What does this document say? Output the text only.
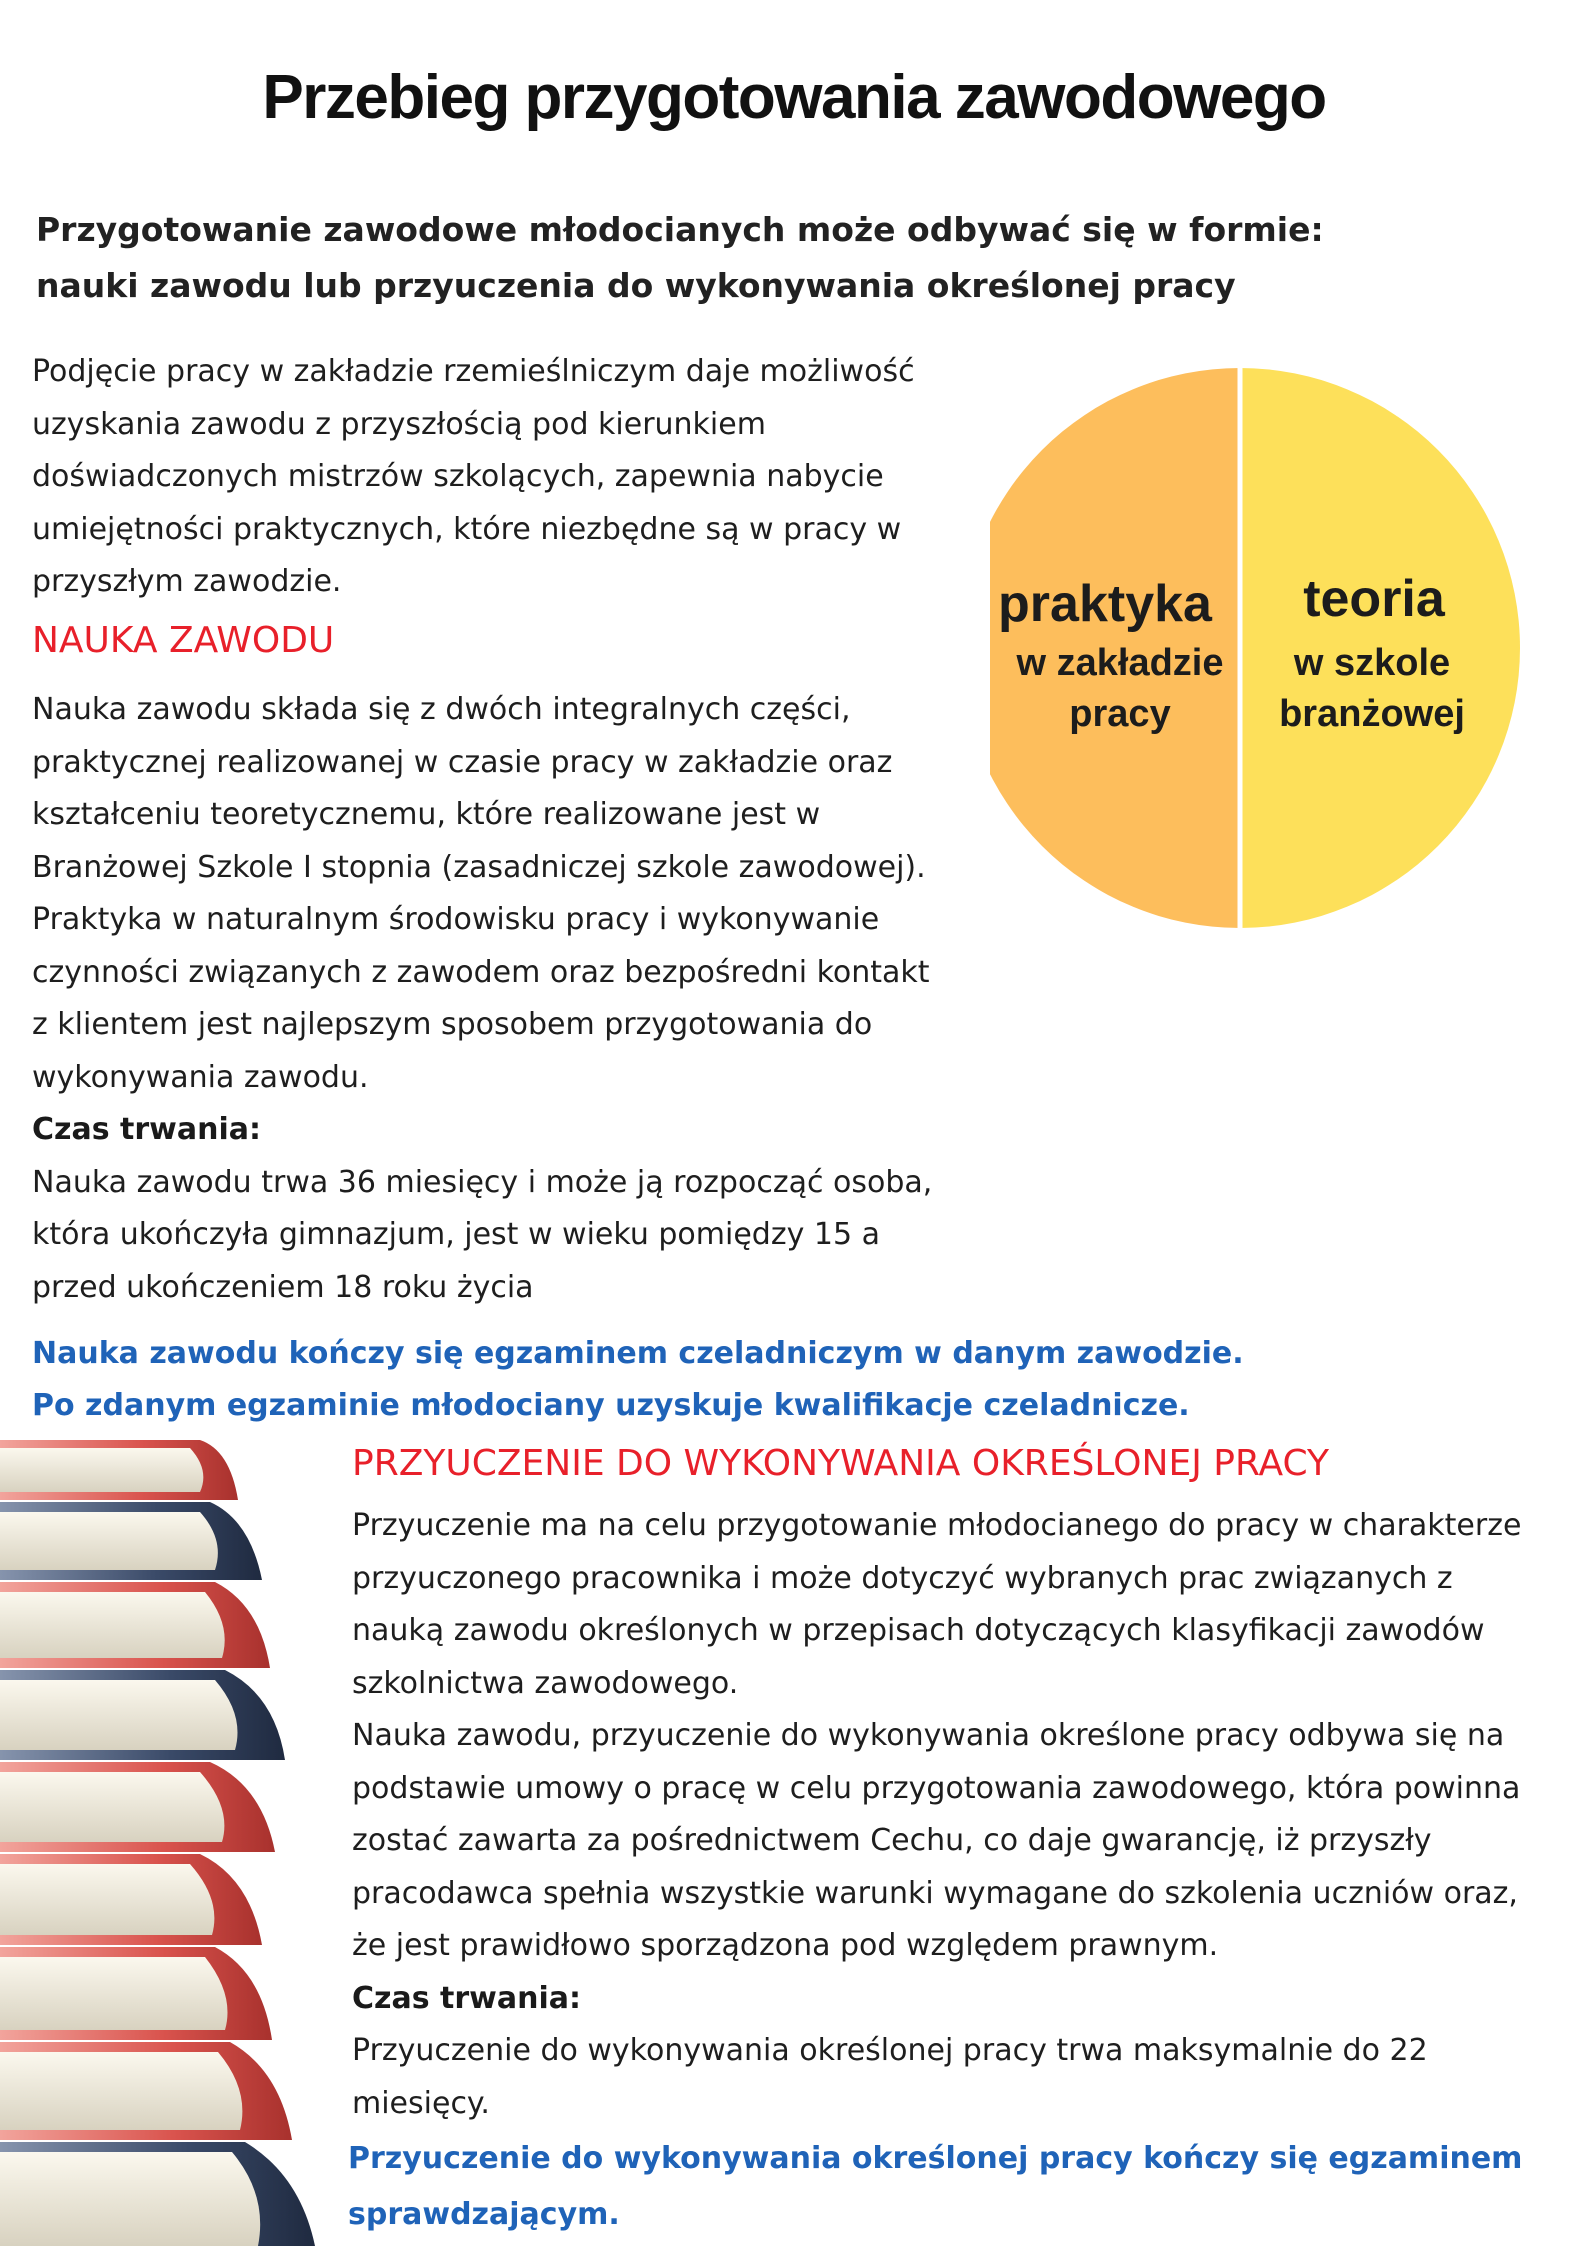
Przebieg przygotowania zawodowego
Przygotowanie zawodowe młodocianych może odbywać się w formie:
nauki zawodu lub przyuczenia do wykonywania określonej pracy
Podjęcie pracy w zakładzie rzemieślniczym daje możliwość
uzyskania zawodu z przyszłością pod kierunkiem
doświadczonych mistrzów szkolących, zapewnia nabycie
umiejętności praktycznych, które niezbędne są w pracy w
przyszłym zawodzie.	praktyka
w zakładzie
pracy
teoria
w szkole
branżowej
NAUKA ZAWODU
Nauka zawodu składa się z dwóch integralnych części,
praktycznej realizowanej w czasie pracy w zakładzie oraz
kształceniu teoretycznemu, które realizowane jest w
Branżowej Szkole I stopnia (zasadniczej szkole zawodowej).
Praktyka w naturalnym środowisku pracy i wykonywanie
czynności związanych z zawodem oraz bezpośredni kontakt
z klientem jest najlepszym sposobem przygotowania do
wykonywania zawodu.
Czas trwania:
Nauka zawodu trwa 36 miesięcy i może ją rozpocząć osoba,
która ukończyła gimnazjum, jest w wieku pomiędzy 15 a
przed ukończeniem 18 roku życia
Nauka zawodu kończy się egzaminem czeladniczym w danym zawodzie.
Po zdanym egzaminie młodociany uzyskuje kwalifikacje czeladnicze.
PRZYUCZENIE DO WYKONYWANIA OKREŚLONEJ PRACY
Przyuczenie ma na celu przygotowanie młodocianego do pracy w charakterze
przyuczonego pracownika i może dotyczyć wybranych prac związanych z
nauką zawodu określonych w przepisach dotyczących klasyfikacji zawodów
szkolnictwa zawodowego.
Nauka zawodu, przyuczenie do wykonywania określone pracy odbywa się na
podstawie umowy o pracę w celu przygotowania zawodowego, która powinna
zostać zawarta za pośrednictwem Cechu, co daje gwarancję, iż przyszły
pracodawca spełnia wszystkie warunki wymagane do szkolenia uczniów oraz,
że jest prawidłowo sporządzona pod względem prawnym.
Czas trwania:
Przyuczenie do wykonywania określonej pracy trwa maksymalnie do 22
miesięcy.
Przyuczenie do wykonywania określonej pracy kończy się egzaminem
sprawdzającym.
